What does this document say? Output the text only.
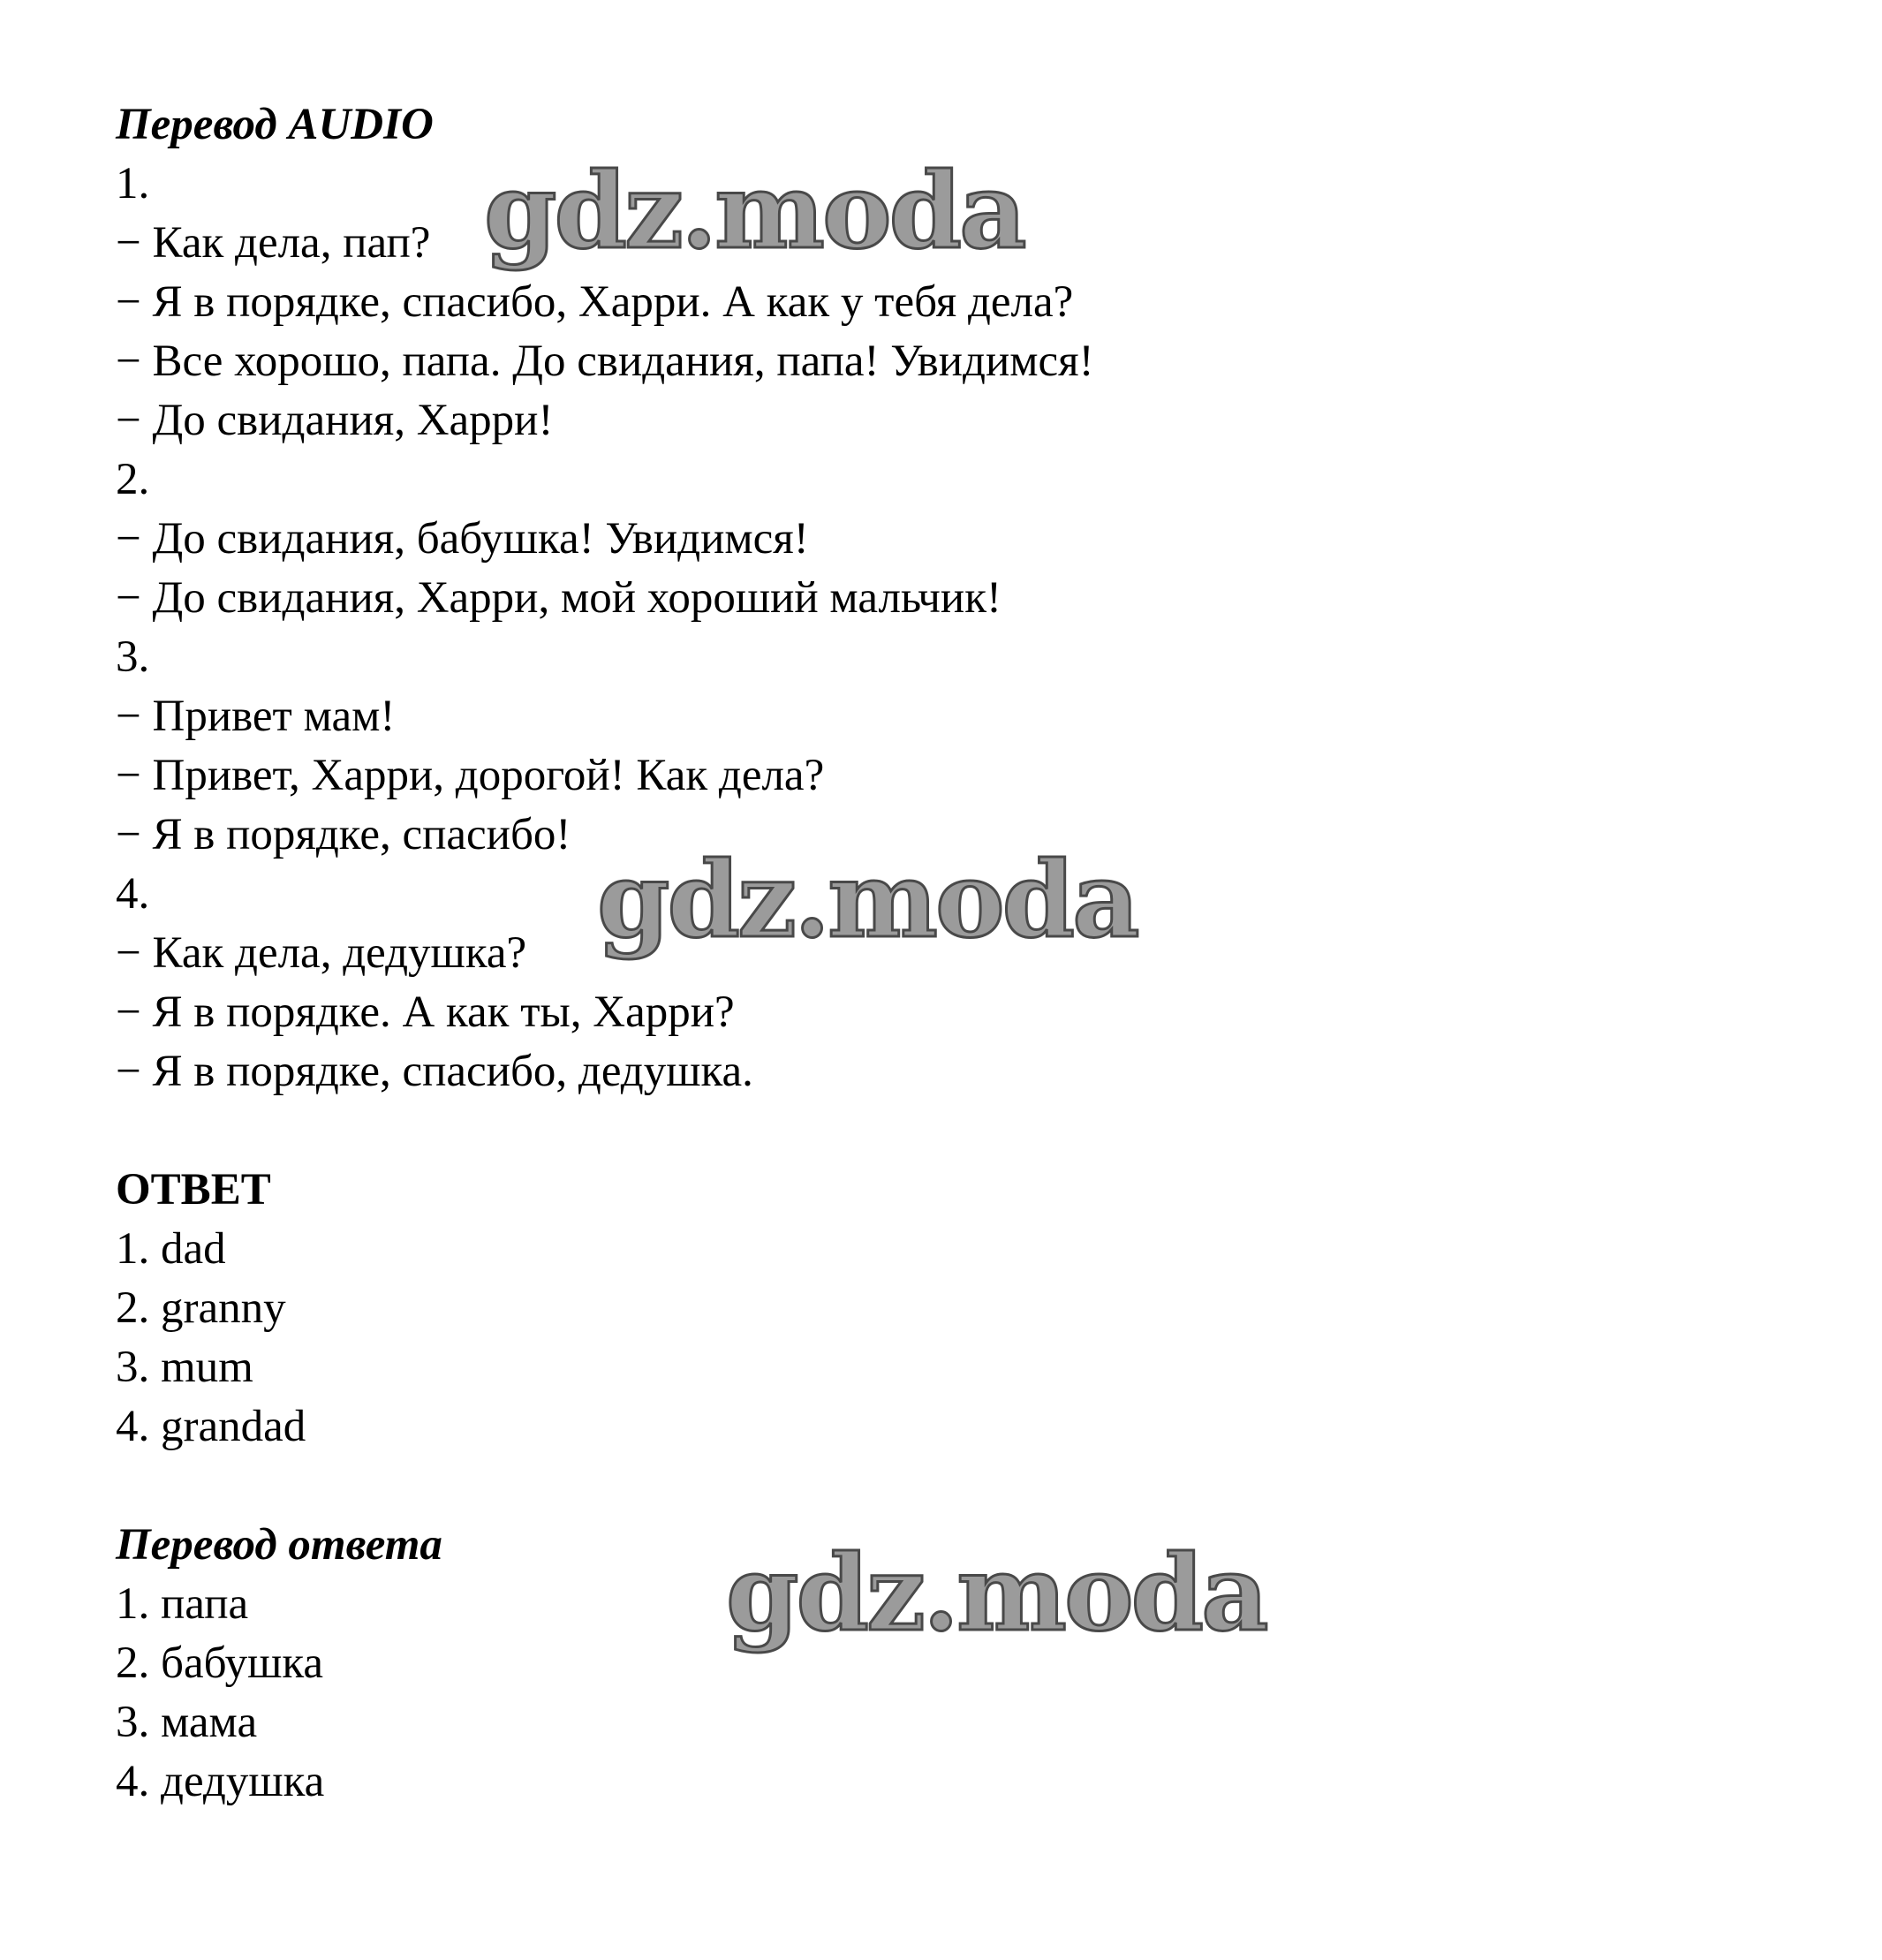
Перевод AUDIO
1.
− Как дела, пап?
− Я в порядке, спасибо, Харри. А как у тебя дела?
− Все хорошо, папа. До свидания, папа! Увидимся!
− До свидания, Харри!
2.
− До свидания, бабушка! Увидимся!
− До свидания, Харри, мой хороший мальчик!
3.
− Привет мам!
− Привет, Харри, дорогой! Как дела?
− Я в порядке, спасибо!
4.
− Как дела, дедушка?
− Я в порядке. А как ты, Харри?
− Я в порядке, спасибо, дедушка.
ОТВЕТ
1. dad
2. granny
3. mum
4. grandad
Перевод ответа
1. папа
2. бабушка
3. мама
4. дедушка
gdz.moda
gdz.moda
gdz.moda
